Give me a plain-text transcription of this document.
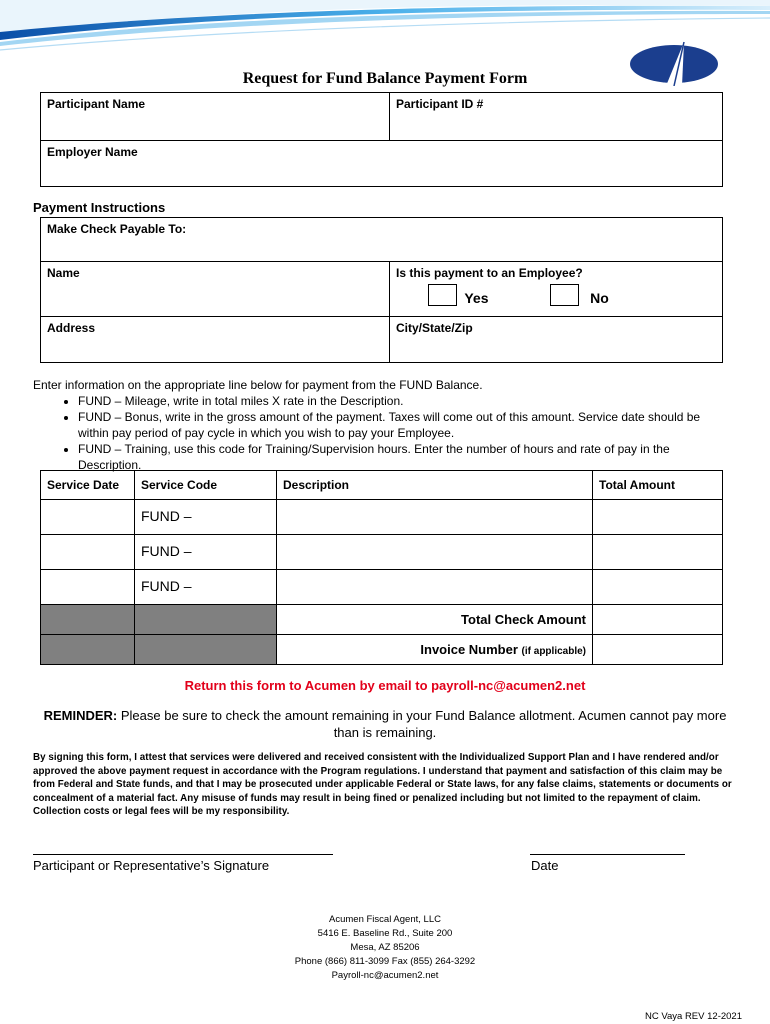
Request for Fund Balance Payment Form
Participant Name	Participant ID #
Employer Name
Payment Instructions
Make Check Payable To:	
Name	Is this payment to an Employee?
Yes No

Address	City/State/Zip
Enter information on the appropriate line below for payment from the FUND Balance.
• FUND – Mileage, write in total miles X rate in the Description.
• FUND – Bonus, write in the gross amount of the payment. Taxes will come out of this amount. Service date should be within pay period of pay cycle in which you wish to pay your Employee.
• FUND – Training, use this code for Training/Supervision hours. Enter the number of hours and rate of pay in the Description.
Service Date	Service Code	Description	Total Amount
	FUND –		
	FUND –		
	FUND –		
		Total Check Amount	
		Invoice Number (if applicable)	
Return this form to Acumen by email to payroll-nc@acumen2.net
REMINDER: Please be sure to check the amount remaining in your Fund Balance allotment. Acumen cannot pay more than is remaining.
By signing this form, I attest that services were delivered and received consistent with the Individualized Support Plan and I have rendered and/or approved the above payment request in accordance with the Program regulations. I understand that payment and satisfaction of this claim may be from Federal and State funds, and that I may be prosecuted under applicable Federal or State laws, for any false claims, statements or documents or concealment of a material fact. Any misuse of funds may result in being fined or penalized including but not limited to the repayment of claim. Collection costs or legal fees will be my responsibility.
Participant or Representative’s Signature	Date
Acumen Fiscal Agent, LLC
5416 E. Baseline Rd., Suite 200
Mesa, AZ 85206
Phone (866) 811-3099 Fax (855) 264-3292
Payroll-nc@acumen2.net
NC Vaya REV 12-2021
